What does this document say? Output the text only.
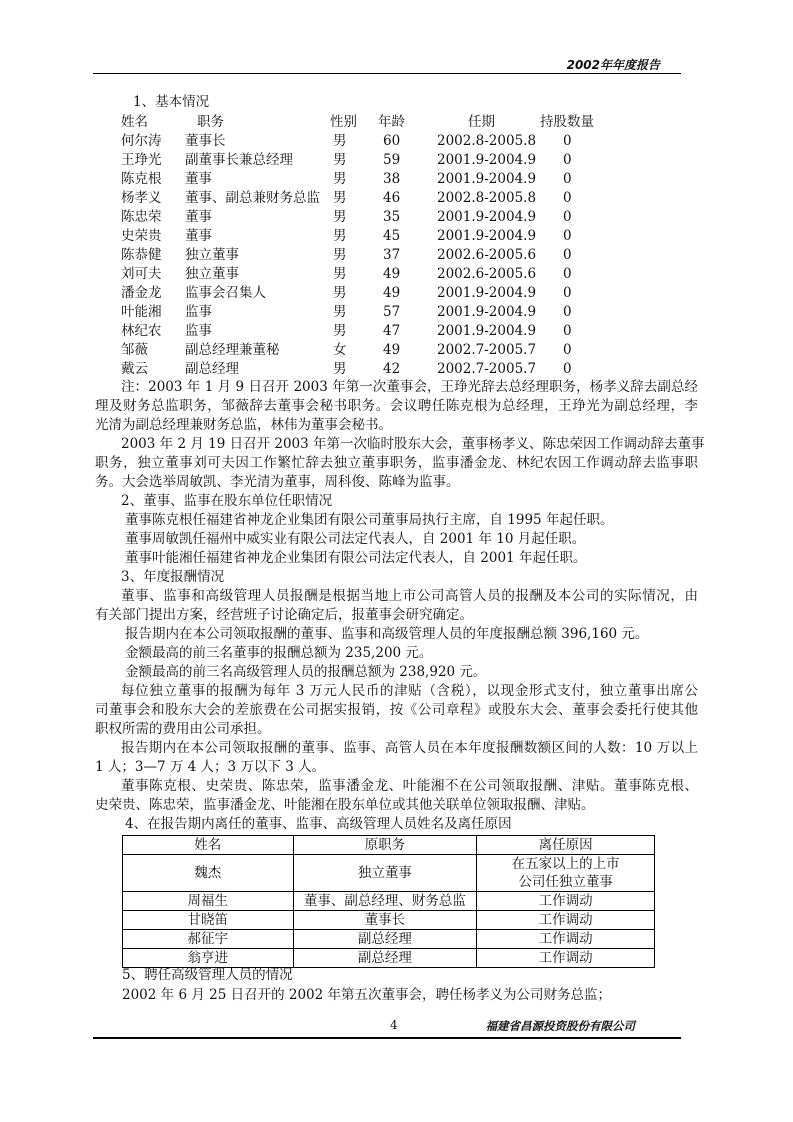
2002年年度报告
1、基本情况
姓名	职务	性别 年龄	任期	持股数量
何尔涛 董事长	男	60	2002.8-2005.8 0
王琤光 副董事长兼总经理	男	59	2001.9-2004.9 0
陈克根 董事	男	38	2001.9-2004.9 0
杨孝义 董事、副总兼财务总监 男	46	2002.8-2005.8 0
陈忠荣 董事	男	35	2001.9-2004.9 0
史荣贵 董事	男	45	2001.9-2004.9 0
陈恭健 独立董事	男	37	2002.6-2005.6 0
刘可夫 独立董事	男	49	2002.6-2005.6 0
潘金龙 监事会召集人	男	49	2001.9-2004.9 0
叶能湘 监事	男	57	2001.9-2004.9 0
林纪农 监事	男	47	2001.9-2004.9 0
邹薇	副总经理兼董秘	女	49	2002.7-2005.7 0
戴云	副总经理	男	42	2002.7-2005.7 0
注：2003 年 1 月 9 日召开 2003 年第一次董事会，王琤光辞去总经理职务，杨孝义辞去副总经
理及财务总监职务，邹薇辞去董事会秘书职务。会议聘任陈克根为总经理，王琤光为副总经理，李
光清为副总经理兼财务总监，林伟为董事会秘书。
2003 年 2 月 19 日召开 2003 年第一次临时股东大会，董事杨孝义、陈忠荣因工作调动辞去董事
职务，独立董事刘可夫因工作繁忙辞去独立董事职务，监事潘金龙、林纪农因工作调动辞去监事职
务。大会选举周敏凯、李光清为董事，周科俊、陈峰为监事。
2、董事、监事在股东单位任职情况
董事陈克根任福建省神龙企业集团有限公司董事局执行主席，自 1995 年起任职。
董事周敏凯任福州中威实业有限公司法定代表人，自 2001 年 10 月起任职。
董事叶能湘任福建省神龙企业集团有限公司法定代表人，自 2001 年起任职。
3、年度报酬情况
董事、监事和高级管理人员报酬是根据当地上市公司高管人员的报酬及本公司的实际情况，由
有关部门提出方案，经营班子讨论确定后，报董事会研究确定。
报告期内在本公司领取报酬的董事、监事和高级管理人员的年度报酬总额 396,160 元。
金额最高的前三名董事的报酬总额为 235,200 元。
金额最高的前三名高级管理人员的报酬总额为 238,920 元。
每位独立董事的报酬为每年 3 万元人民币的津贴（含税），以现金形式支付，独立董事出席公
司董事会和股东大会的差旅费在公司据实报销，按《公司章程》或股东大会、董事会委托行使其他
职权所需的费用由公司承担。
报告期内在本公司领取报酬的董事、监事、高管人员在本年度报酬数额区间的人数：10 万以上
1 人；3—7 万 4 人；3 万以下 3 人。
董事陈克根、史荣贵、陈忠荣，监事潘金龙、叶能湘不在公司领取报酬、津贴。董事陈克根、
史荣贵、陈忠荣，监事潘金龙、叶能湘在股东单位或其他关联单位领取报酬、津贴。
4、在报告期内离任的董事、监事、高级管理人员姓名及离任原因
姓名	原职务	离任原因
魏杰	独立董事	在五家以上的上市公司任独立董事
周福生	董事、副总经理、财务总监	工作调动
甘晓笛	董事长	工作调动
郝征宇	副总经理	工作调动
翁亨进	副总经理	工作调动
5、聘任高级管理人员的情况
2002 年 6 月 25 日召开的 2002 年第五次董事会，聘任杨孝义为公司财务总监；
4	福建省昌源投资股份有限公司
